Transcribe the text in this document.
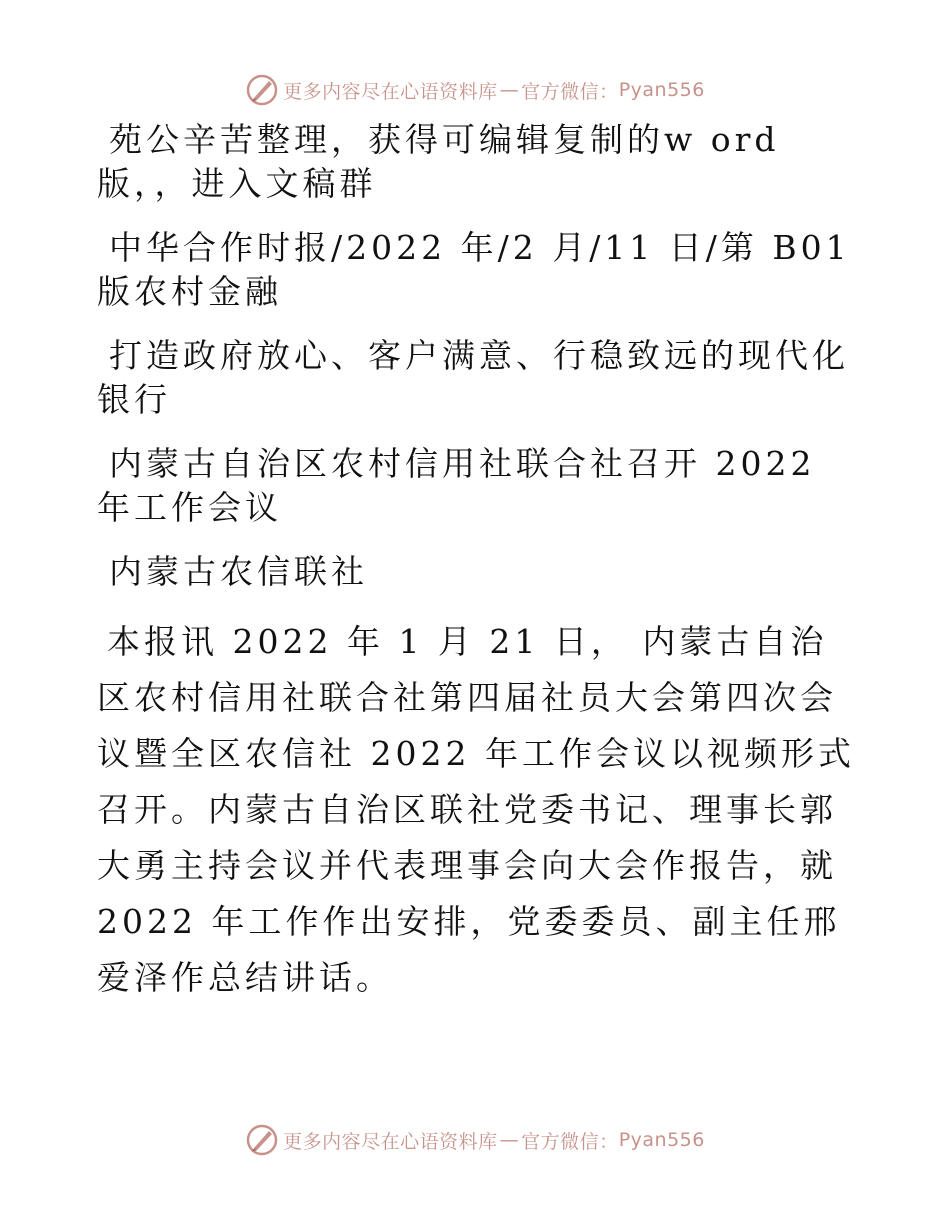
更多内容尽在心语资料库 — 官方微信： Pyan556

苑公辛苦整理，获得可编辑复制的w ord版，，进入文稿群

中华合作时报/2022 年/2 月/11 日/第 B01 版农村金融

打造政府放心、客户满意、行稳致远的现代化银行

内蒙古自治区农村信用社联合社召开 2022 年工作会议

内蒙古农信联社

本报讯 2022 年 1 月 21 日， 内蒙古自治区农村信用社联合社第四届社员大会第四次会议暨全区农信社 2022 年工作会议以视频形式召开。内蒙古自治区联社党委书记、理事长郭大勇主持会议并代表理事会向大会作报告，就 2022 年工作作出安排，党委委员、副主任邢爱泽作总结讲话。

更多内容尽在心语资料库 — 官方微信： Pyan556
